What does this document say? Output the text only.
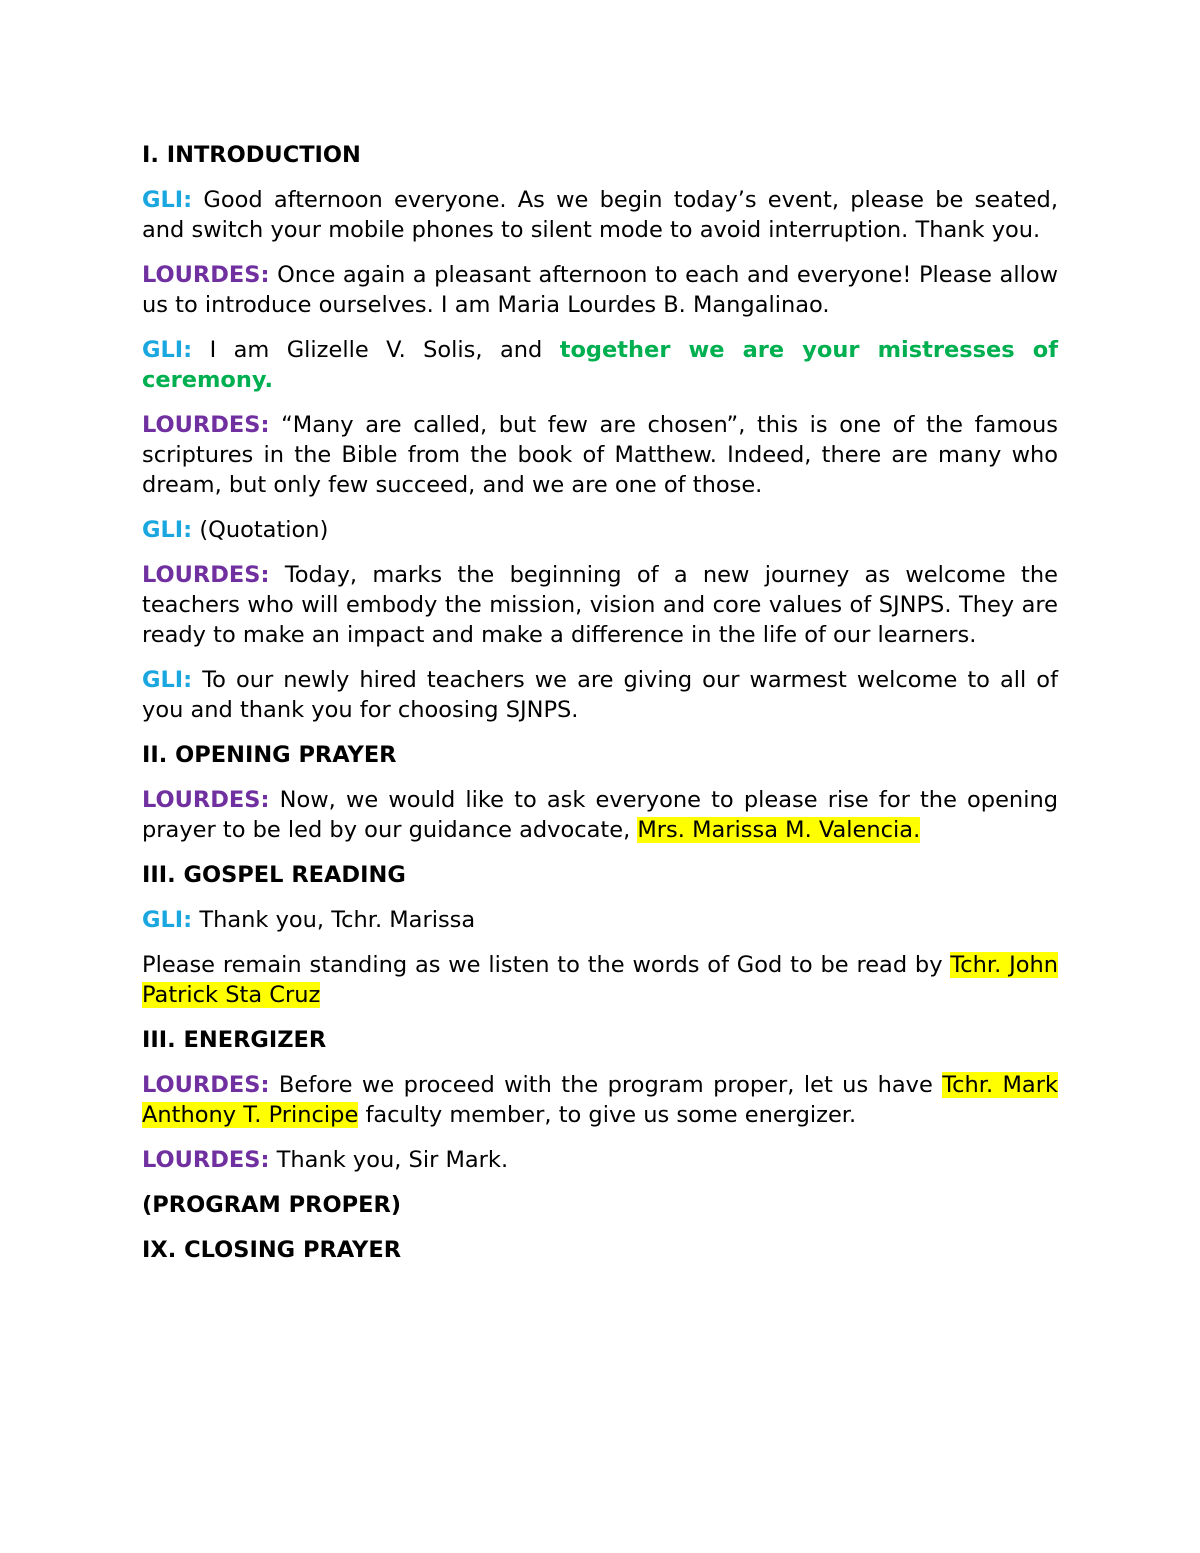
I. INTRODUCTION

GLI: Good afternoon everyone. As we begin today’s event, please be seated, and switch your mobile phones to silent mode to avoid interruption. Thank you.

LOURDES: Once again a pleasant afternoon to each and everyone! Please allow us to introduce ourselves. I am Maria Lourdes B. Mangalinao.

GLI: I am Glizelle V. Solis, and together we are your mistresses of ceremony.

LOURDES: “Many are called, but few are chosen”, this is one of the famous scriptures in the Bible from the book of Matthew. Indeed, there are many who dream, but only few succeed, and we are one of those.

GLI: (Quotation)

LOURDES: Today, marks the beginning of a new journey as welcome the teachers who will embody the mission, vision and core values of SJNPS. They are ready to make an impact and make a difference in the life of our learners.

GLI: To our newly hired teachers we are giving our warmest welcome to all of you and thank you for choosing SJNPS.

II. OPENING PRAYER

LOURDES: Now, we would like to ask everyone to please rise for the opening prayer to be led by our guidance advocate, Mrs. Marissa M. Valencia.

III. GOSPEL READING

GLI: Thank you, Tchr. Marissa

Please remain standing as we listen to the words of God to be read by Tchr. John Patrick Sta Cruz

III. ENERGIZER

LOURDES: Before we proceed with the program proper, let us have Tchr. Mark Anthony T. Principe faculty member, to give us some energizer.

LOURDES: Thank you, Sir Mark.

(PROGRAM PROPER)
IX. CLOSING PRAYER
